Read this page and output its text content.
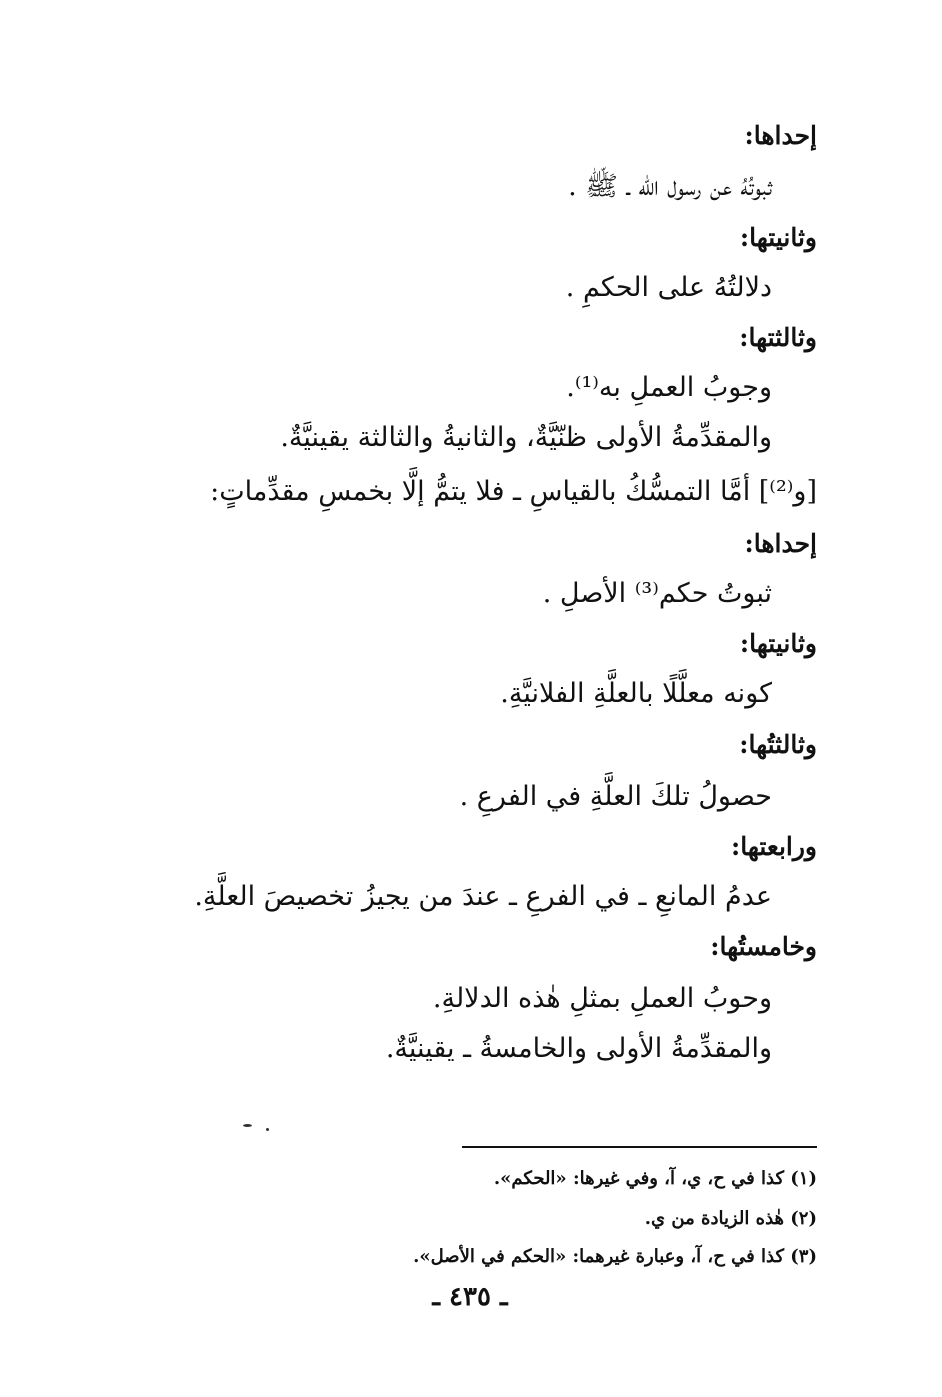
إحداها:
ثبوتُهُ عن رسول الله ـ ﷺ .
وثانيتها:
دلالتُهُ على الحكمِ .
وثالثتها:
وجوبُ العملِ به⁽¹⁾.
والمقدِّمةُ الأولى ظنّيَّةٌ، والثانيةُ والثالثة يقينيَّةٌ.
[و⁽²⁾] أمَّا التمسُّكُ بالقياسِ ـ فلا يتمُّ إلَّا بخمسِ مقدِّماتٍ:
إحداها:
ثبوتُ حكم⁽³⁾ الأصلِ .
وثانيتها:
كونه معلَّلًا بالعلَّةِ الفلانيَّةِ.
وثالثتُها:
حصولُ تلكَ العلَّةِ في الفرعِ .
ورابعتها:
عدمُ المانعِ ـ في الفرعِ ـ عندَ من يجيزُ تخصيصَ العلَّةِ.
وخامستُها:
وحوبُ العملِ بمثلِ هٰذه الدلالةِ.
والمقدِّمةُ الأولى والخامسةُ ـ يقينيَّةٌ.
(١) كذا في ح، ي، آ، وفي غيرها: «الحكم».
(٢) هٰذه الزيادة من ي.
(٣) كذا في ح، آ، وعبارة غيرهما: «الحكم في الأصل».
ـ ٤٣٥ ـ
